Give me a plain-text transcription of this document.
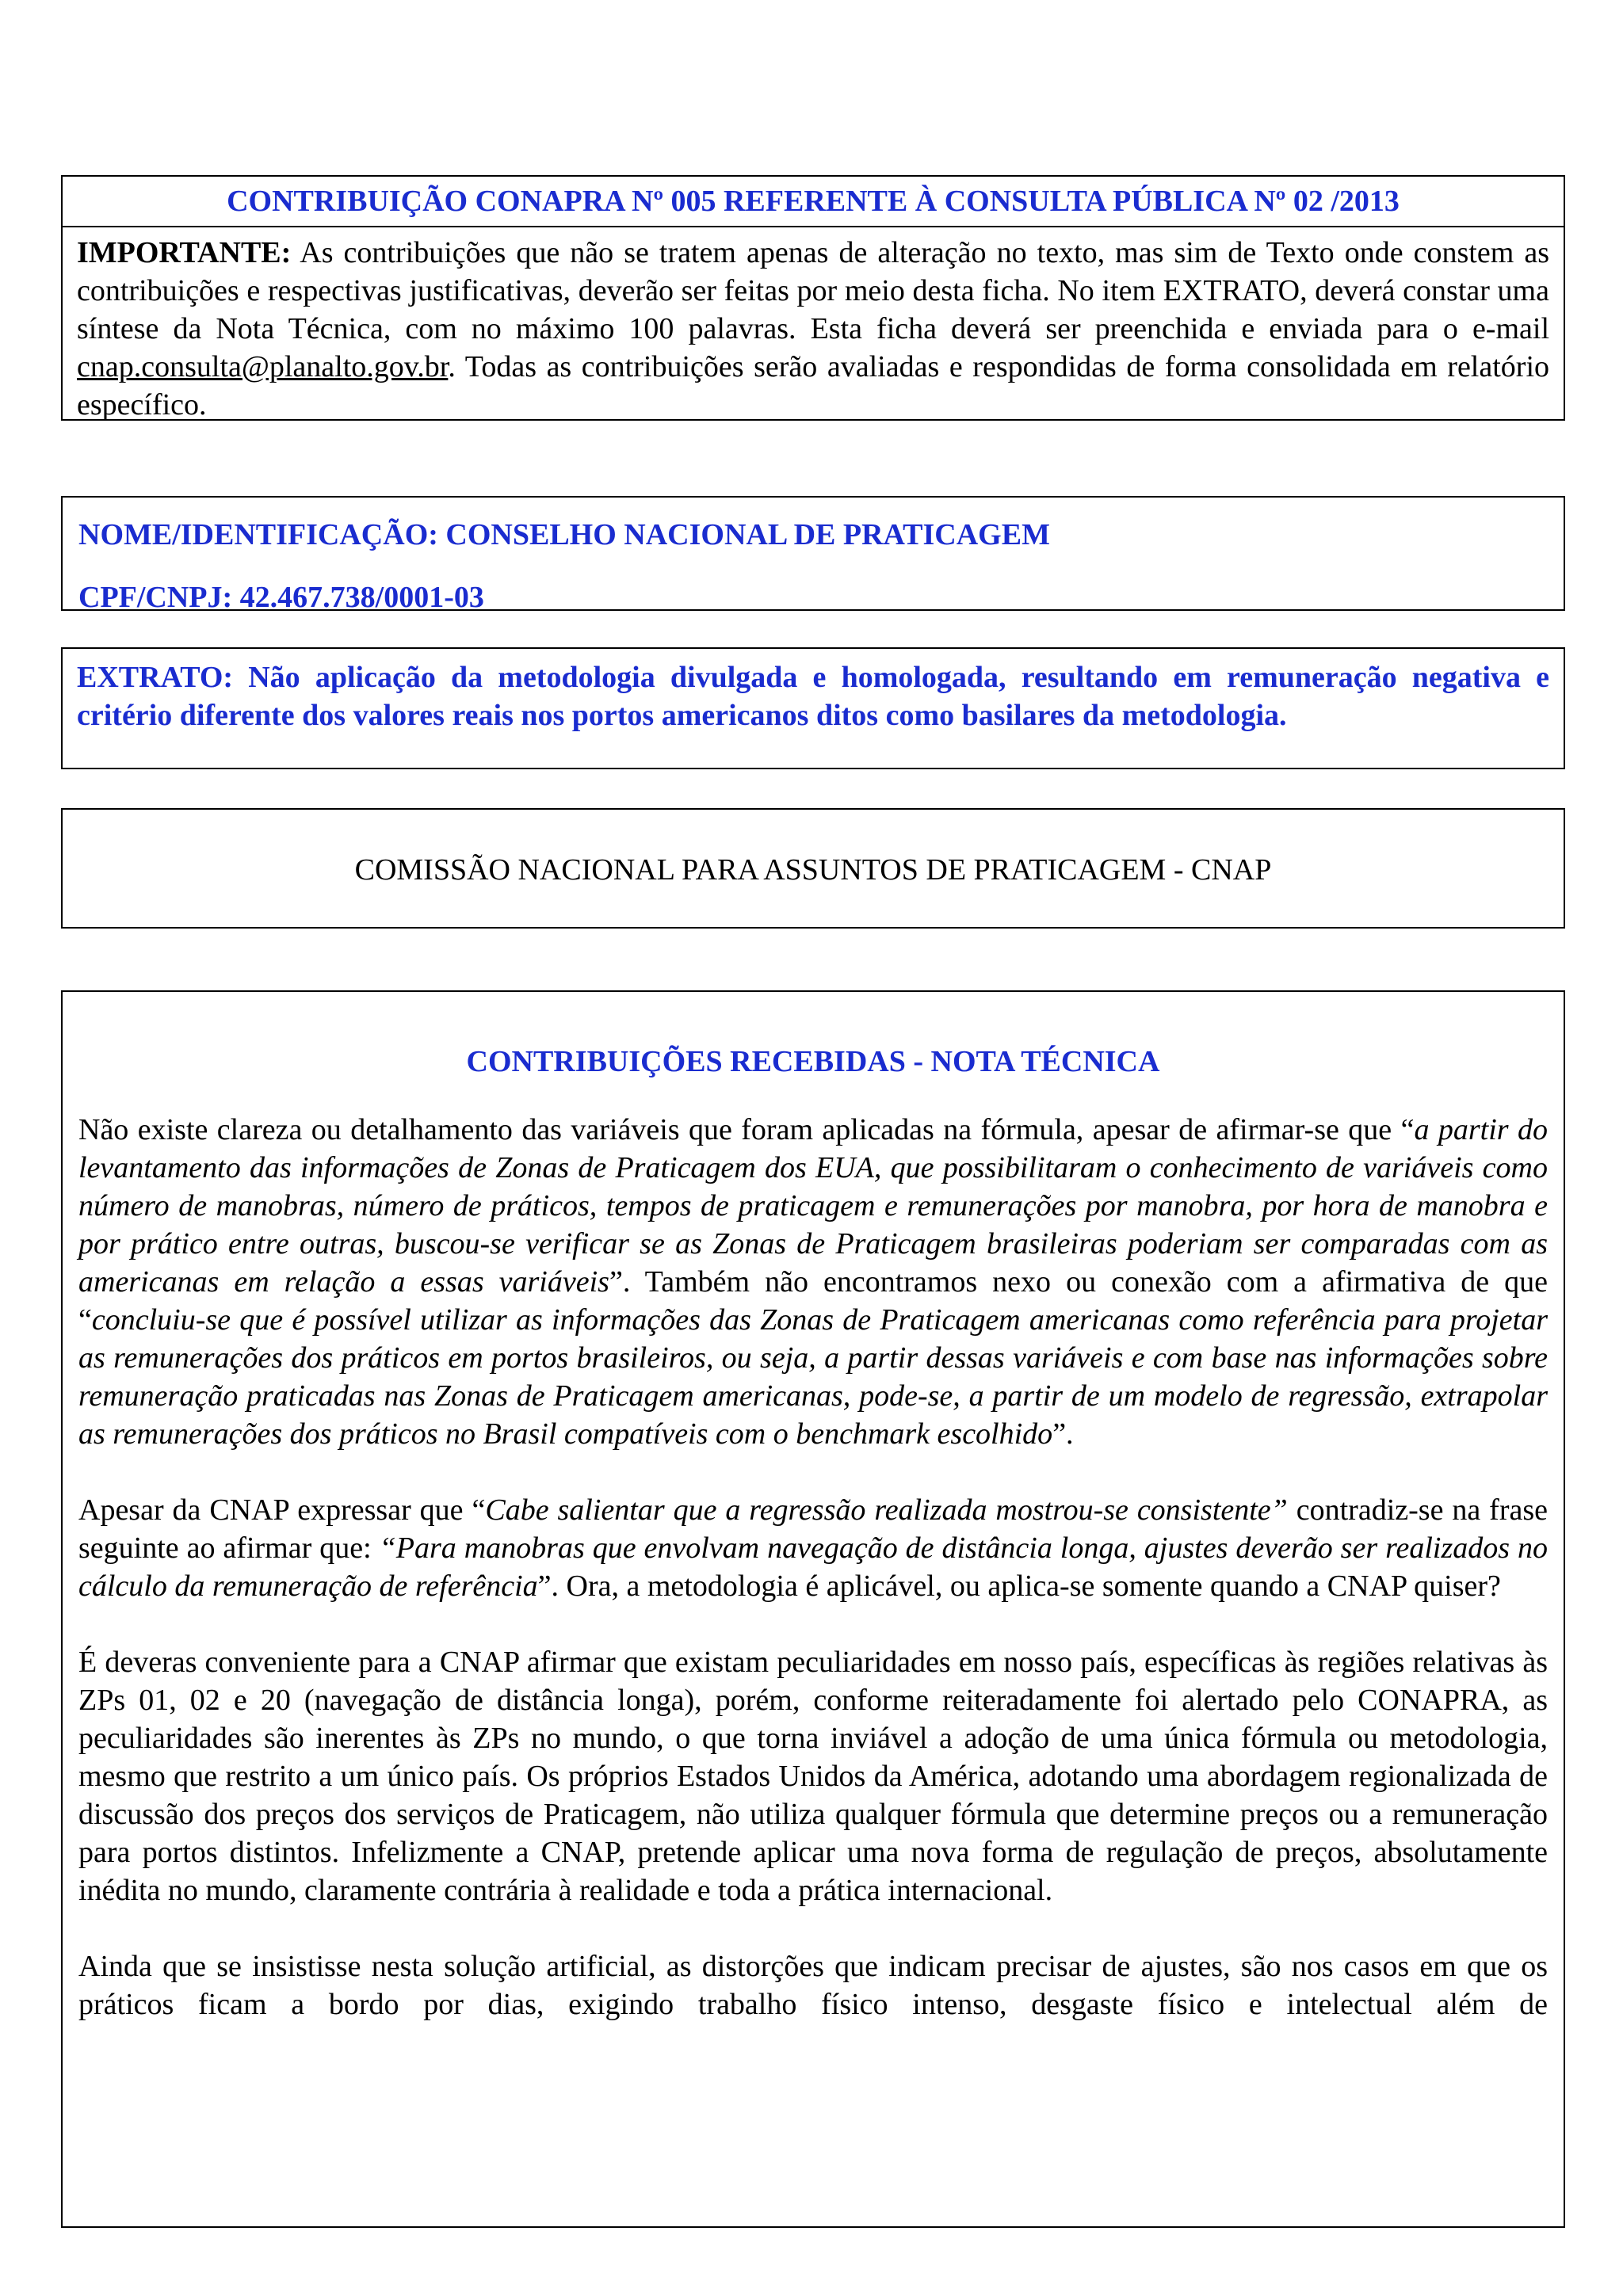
CONTRIBUIÇÃO CONAPRA Nº 005 REFERENTE À CONSULTA PÚBLICA Nº 02 /2013
IMPORTANTE: As contribuições que não se tratem apenas de alteração no texto, mas sim de Texto onde constem as contribuições e respectivas justificativas, deverão ser feitas por meio desta ficha. No item EXTRATO, deverá constar uma síntese da Nota Técnica, com no máximo 100 palavras. Esta ficha deverá ser preenchida e enviada para o e-mail cnap.consulta@planalto.gov.br. Todas as contribuições serão avaliadas e respondidas de forma consolidada em relatório específico.
NOME/IDENTIFICAÇÃO: CONSELHO NACIONAL DE PRATICAGEM
CPF/CNPJ: 42.467.738/0001-03
EXTRATO: Não aplicação da metodologia divulgada e homologada, resultando em remuneração negativa e critério diferente dos valores reais nos portos americanos ditos como basilares da metodologia.
COMISSÃO NACIONAL PARA ASSUNTOS DE PRATICAGEM - CNAP
CONTRIBUIÇÕES RECEBIDAS - NOTA TÉCNICA

Não existe clareza ou detalhamento das variáveis que foram aplicadas na fórmula, apesar de afirmar-se que “a partir do levantamento das informações de Zonas de Praticagem dos EUA, que possibilitaram o conhecimento de variáveis como número de manobras, número de práticos, tempos de praticagem e remunerações por manobra, por hora de manobra e por prático entre outras, buscou-se verificar se as Zonas de Praticagem brasileiras poderiam ser comparadas com as americanas em relação a essas variáveis”. Também não encontramos nexo ou conexão com a afirmativa de que “concluiu-se que é possível utilizar as informações das Zonas de Praticagem americanas como referência para projetar as remunerações dos práticos em portos brasileiros, ou seja, a partir dessas variáveis e com base nas informações sobre remuneração praticadas nas Zonas de Praticagem americanas, pode-se, a partir de um modelo de regressão, extrapolar as remunerações dos práticos no Brasil compatíveis com o benchmark escolhido”.

Apesar da CNAP expressar que “Cabe salientar que a regressão realizada mostrou-se consistente” contradiz-se na frase seguinte ao afirmar que: “Para manobras que envolvam navegação de distância longa, ajustes deverão ser realizados no cálculo da remuneração de referência”. Ora, a metodologia é aplicável, ou aplica-se somente quando a CNAP quiser?

É deveras conveniente para a CNAP afirmar que existam peculiaridades em nosso país, específicas às regiões relativas às ZPs 01, 02 e 20 (navegação de distância longa), porém, conforme reiteradamente foi alertado pelo CONAPRA, as peculiaridades são inerentes às ZPs no mundo, o que torna inviável a adoção de uma única fórmula ou metodologia, mesmo que restrito a um único país. Os próprios Estados Unidos da América, adotando uma abordagem regionalizada de discussão dos preços dos serviços de Praticagem, não utiliza qualquer fórmula que determine preços ou a remuneração para portos distintos. Infelizmente a CNAP, pretende aplicar uma nova forma de regulação de preços, absolutamente inédita no mundo, claramente contrária à realidade e toda a prática internacional.

Ainda que se insistisse nesta solução artificial, as distorções que indicam precisar de ajustes, são nos casos em que os práticos ficam a bordo por dias, exigindo trabalho físico intenso, desgaste físico e intelectual além de
